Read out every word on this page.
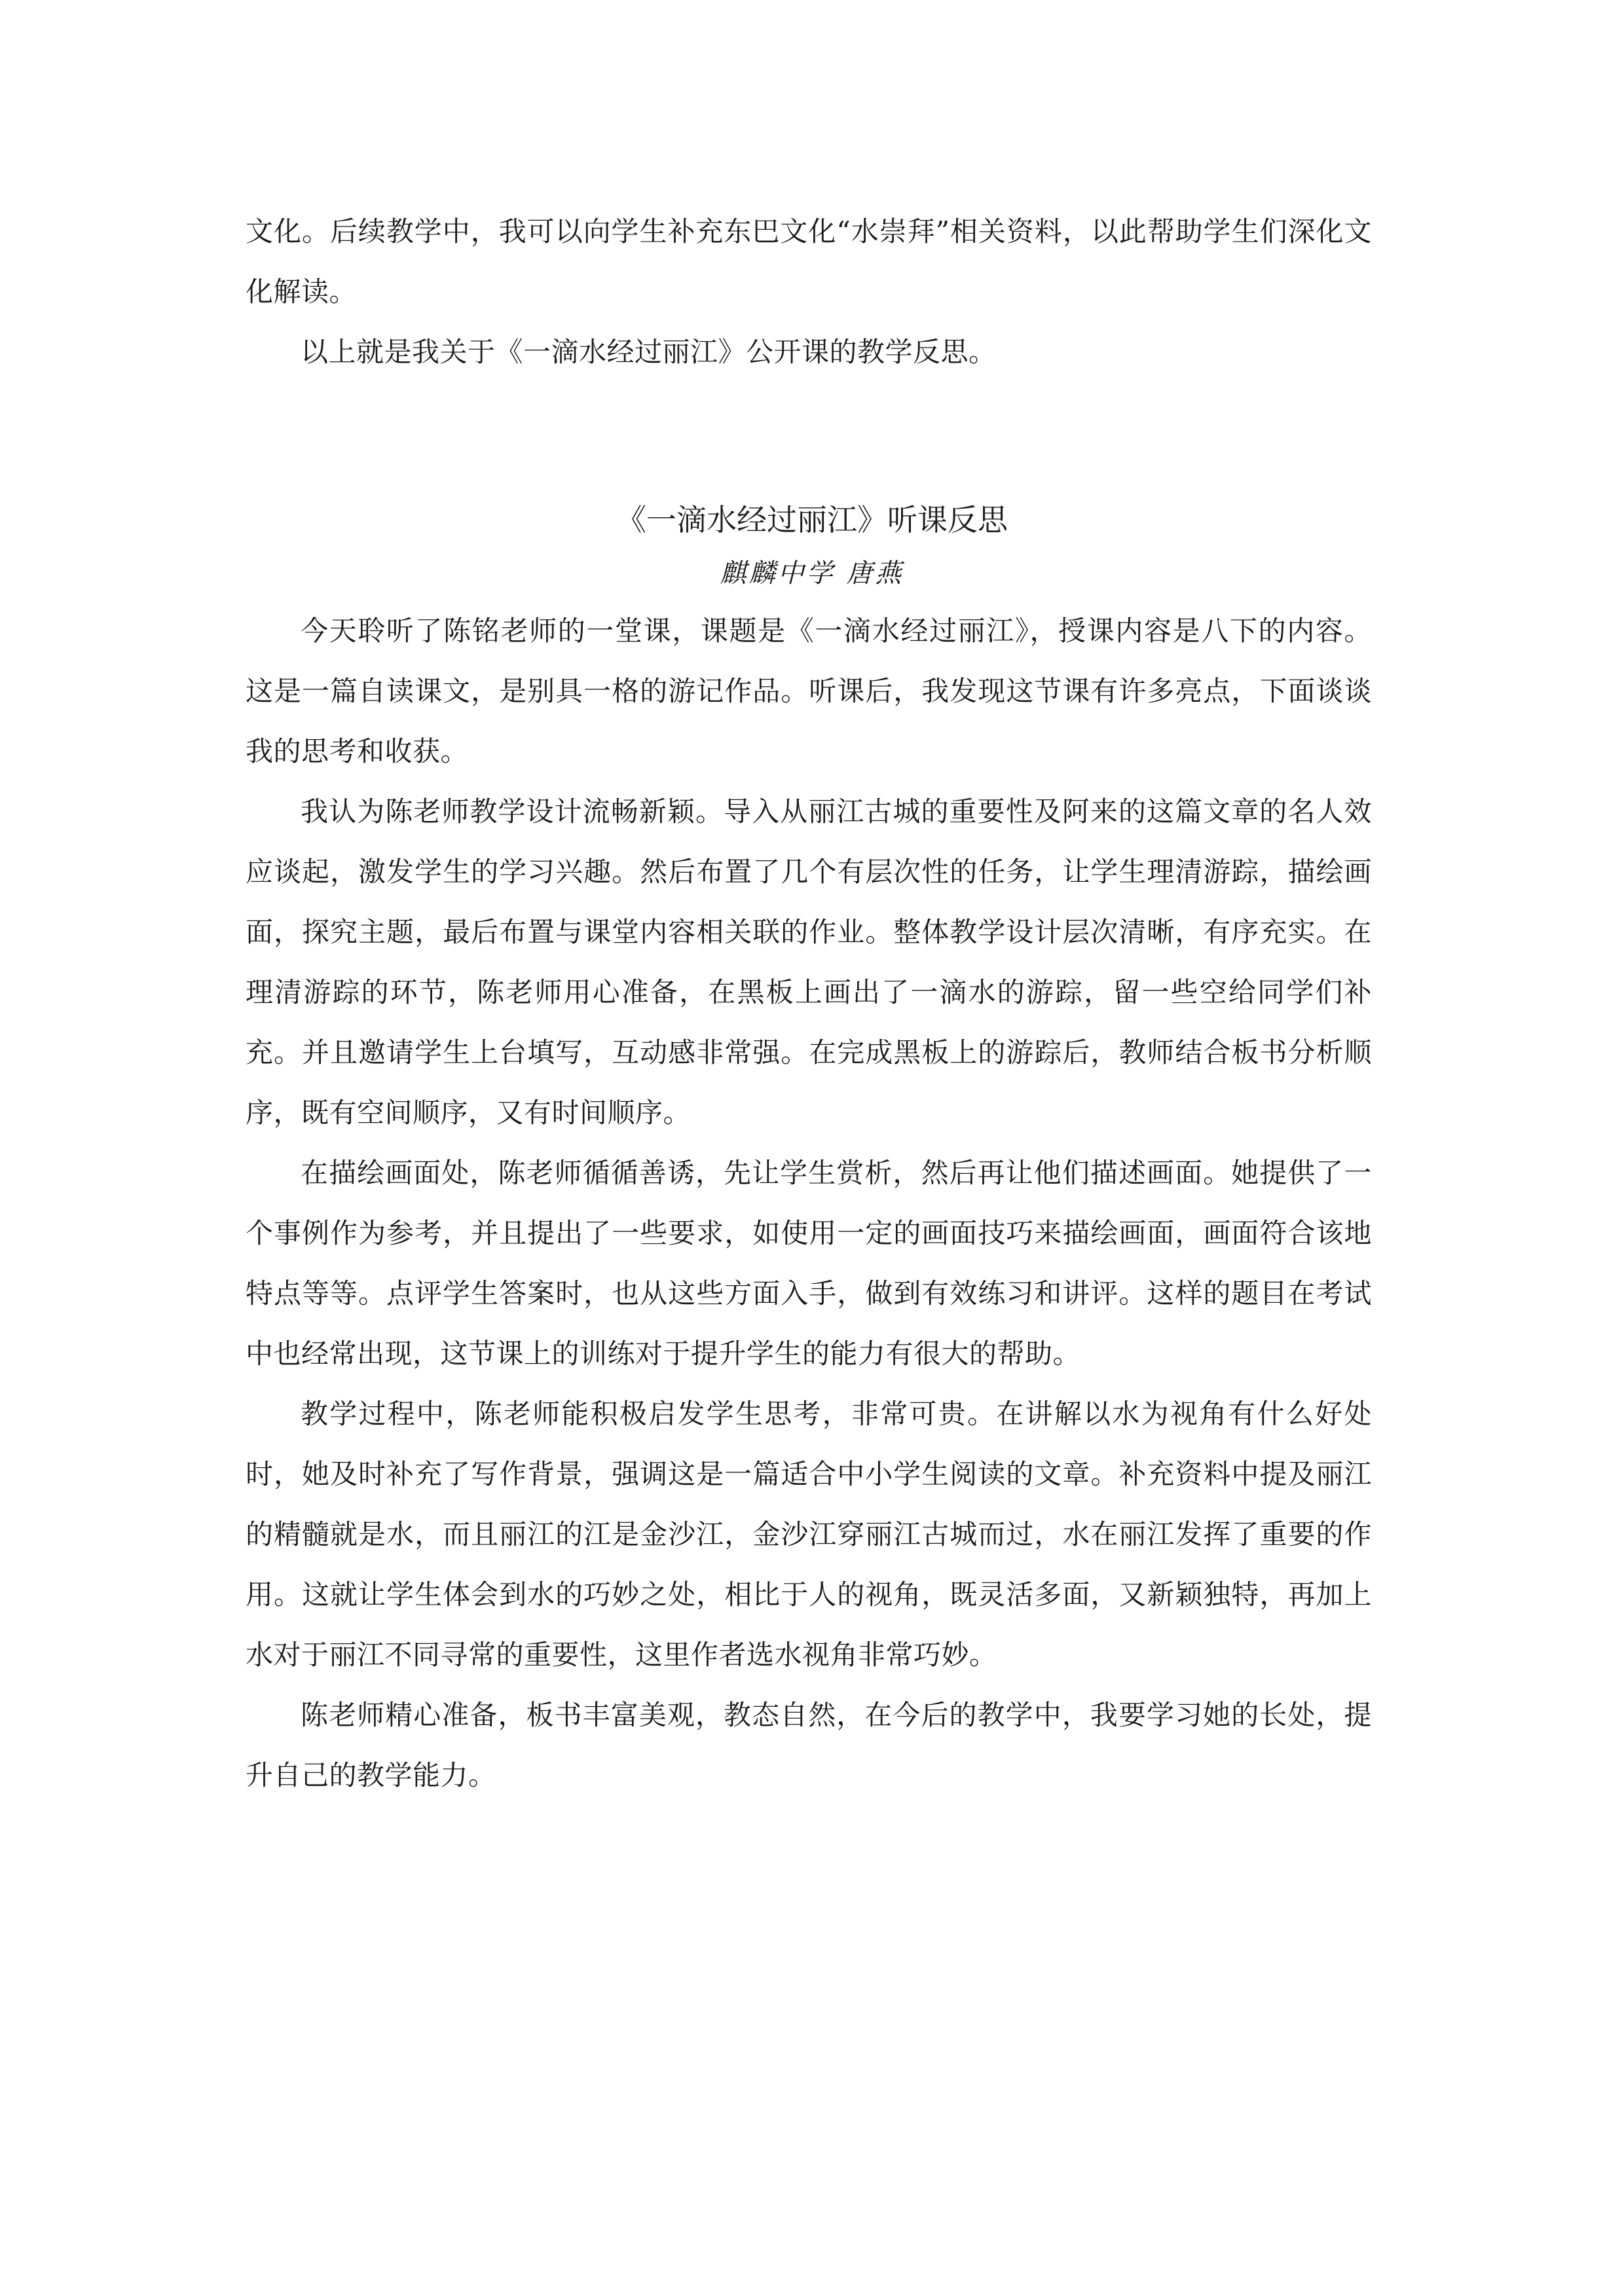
文化。后续教学中，我可以向学生补充东巴文化“水崇拜”相关资料，以此帮助学生们深化文化解读。

以上就是我关于《一滴水经过丽江》公开课的教学反思。

《一滴水经过丽江》听课反思

麒麟中学 唐燕

今天聆听了陈铭老师的一堂课，课题是《一滴水经过丽江》，授课内容是八下的内容。这是一篇自读课文，是别具一格的游记作品。听课后，我发现这节课有许多亮点，下面谈谈我的思考和收获。

我认为陈老师教学设计流畅新颖。导入从丽江古城的重要性及阿来的这篇文章的名人效应谈起，激发学生的学习兴趣。然后布置了几个有层次性的任务，让学生理清游踪，描绘画面，探究主题，最后布置与课堂内容相关联的作业。整体教学设计层次清晰，有序充实。在理清游踪的环节，陈老师用心准备，在黑板上画出了一滴水的游踪，留一些空给同学们补充。并且邀请学生上台填写，互动感非常强。在完成黑板上的游踪后，教师结合板书分析顺序，既有空间顺序，又有时间顺序。

在描绘画面处，陈老师循循善诱，先让学生赏析，然后再让他们描述画面。她提供了一个事例作为参考，并且提出了一些要求，如使用一定的画面技巧来描绘画面，画面符合该地特点等等。点评学生答案时，也从这些方面入手，做到有效练习和讲评。这样的题目在考试中也经常出现，这节课上的训练对于提升学生的能力有很大的帮助。

教学过程中，陈老师能积极启发学生思考，非常可贵。在讲解以水为视角有什么好处时，她及时补充了写作背景，强调这是一篇适合中小学生阅读的文章。补充资料中提及丽江的精髓就是水，而且丽江的江是金沙江，金沙江穿丽江古城而过，水在丽江发挥了重要的作用。这就让学生体会到水的巧妙之处，相比于人的视角，既灵活多面，又新颖独特，再加上水对于丽江不同寻常的重要性，这里作者选水视角非常巧妙。

陈老师精心准备，板书丰富美观，教态自然，在今后的教学中，我要学习她的长处，提升自己的教学能力。
